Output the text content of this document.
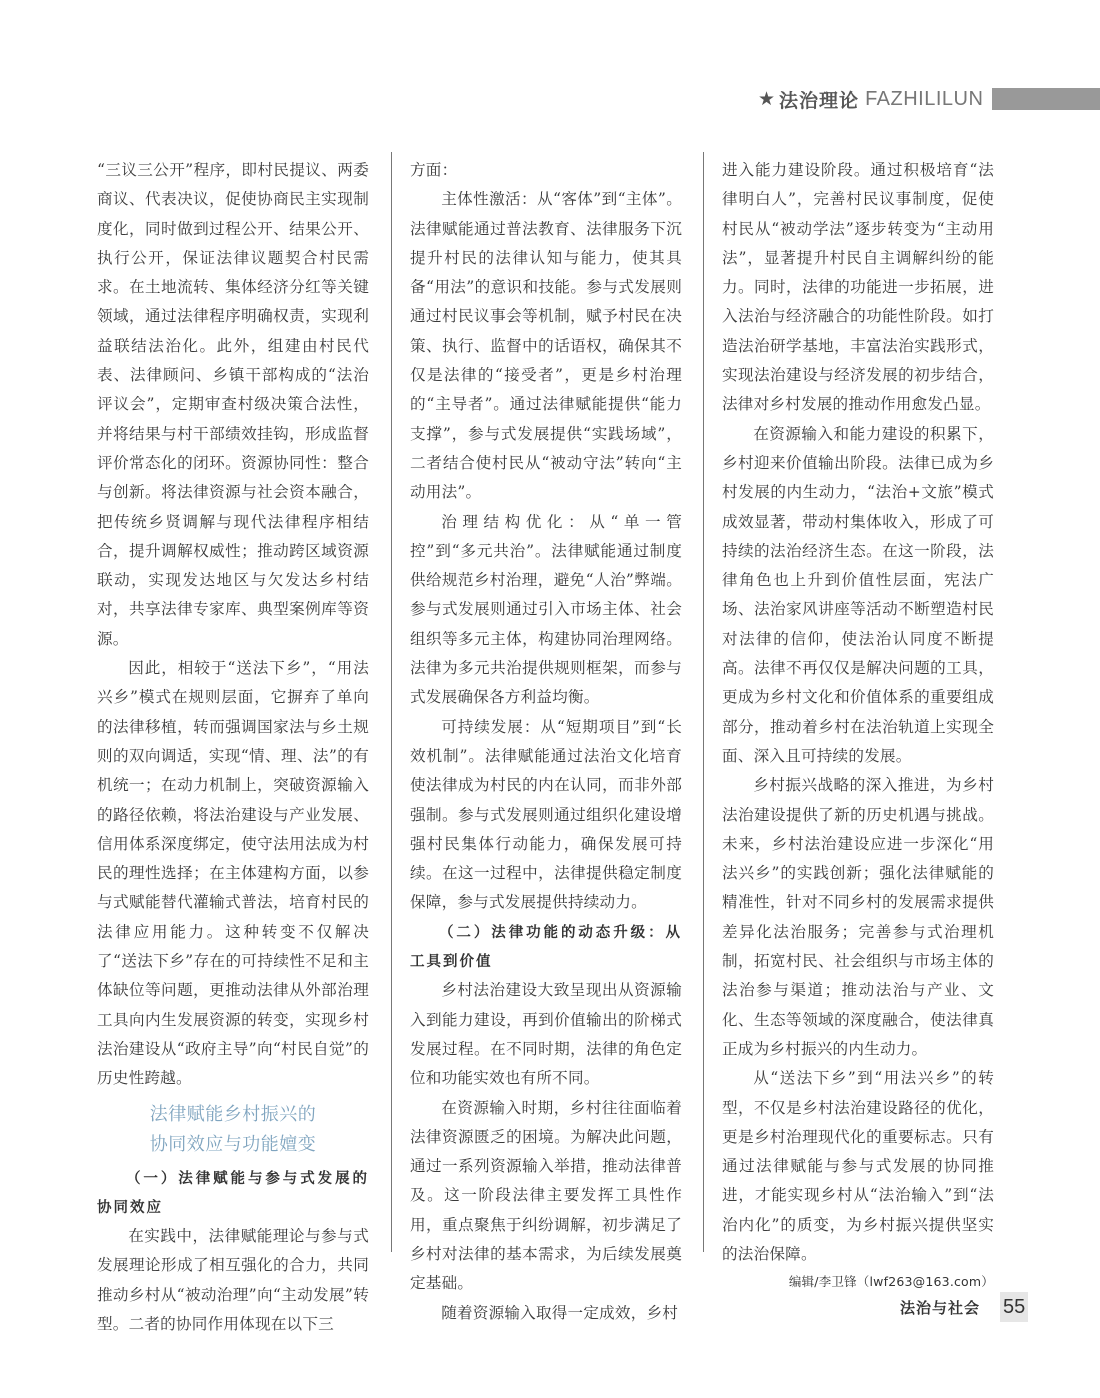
★ 法治理论 FAZHILILUN

“三议三公开”程序，即村民提议、两委商议、代表决议，促使协商民主实现制度化，同时做到过程公开、结果公开、执行公开，保证法律议题契合村民需求。在土地流转、集体经济分红等关键领域，通过法律程序明确权责，实现利益联结法治化。此外，组建由村民代表、法律顾问、乡镇干部构成的“法治评议会”，定期审查村级决策合法性，并将结果与村干部绩效挂钩，形成监督评价常态化的闭环。资源协同性：整合与创新。将法律资源与社会资本融合，把传统乡贤调解与现代法律程序相结合，提升调解权威性；推动跨区域资源联动，实现发达地区与欠发达乡村结对，共享法律专家库、典型案例库等资源。

因此，相较于“送法下乡”，“用法兴乡”模式在规则层面，它摒弃了单向的法律移植，转而强调国家法与乡土规则的双向调适，实现“情、理、法”的有机统一；在动力机制上，突破资源输入的路径依赖，将法治建设与产业发展、信用体系深度绑定，使守法用法成为村民的理性选择；在主体建构方面，以参与式赋能替代灌输式普法，培育村民的法律应用能力。这种转变不仅解决了“送法下乡”存在的可持续性不足和主体缺位等问题，更推动法律从外部治理工具向内生发展资源的转变，实现乡村法治建设从“政府主导”向“村民自觉”的历史性跨越。

法律赋能乡村振兴的
协同效应与功能嬗变
（一）法律赋能与参与式发展的协同效应

在实践中，法律赋能理论与参与式发展理论形成了相互强化的合力，共同推动乡村从“被动治理”向“主动发展”转型。二者的协同作用体现在以下三

方面：

主体性激活：从“客体”到“主体”。法律赋能通过普法教育、法律服务下沉提升村民的法律认知与能力，使其具备“用法”的意识和技能。参与式发展则通过村民议事会等机制，赋予村民在决策、执行、监督中的话语权，确保其不仅是法律的“接受者”，更是乡村治理的“主导者”。通过法律赋能提供“能力支撑”，参与式发展提供“实践场域”，二者结合使村民从“被动守法”转向“主动用法”。

治理结构优化：从“单一管控”到“多元共治”。法律赋能通过制度供给规范乡村治理，避免“人治”弊端。参与式发展则通过引入市场主体、社会组织等多元主体，构建协同治理网络。法律为多元共治提供规则框架，而参与式发展确保各方利益均衡。

可持续发展：从“短期项目”到“长效机制”。法律赋能通过法治文化培育使法律成为村民的内在认同，而非外部强制。参与式发展则通过组织化建设增强村民集体行动能力，确保发展可持续。在这一过程中，法律提供稳定制度保障，参与式发展提供持续动力。

（二）法律功能的动态升级：从工具到价值

乡村法治建设大致呈现出从资源输入到能力建设，再到价值输出的阶梯式发展过程。在不同时期，法律的角色定位和功能实效也有所不同。

在资源输入时期，乡村往往面临着法律资源匮乏的困境。为解决此问题，通过一系列资源输入举措，推动法律普及。这一阶段法律主要发挥工具性作用，重点聚焦于纠纷调解，初步满足了乡村对法律的基本需求，为后续发展奠定基础。

随着资源输入取得一定成效，乡村

进入能力建设阶段。通过积极培育“法律明白人”，完善村民议事制度，促使村民从“被动学法”逐步转变为“主动用法”，显著提升村民自主调解纠纷的能力。同时，法律的功能进一步拓展，进入法治与经济融合的功能性阶段。如打造法治研学基地，丰富法治实践形式，实现法治建设与经济发展的初步结合，法律对乡村发展的推动作用愈发凸显。

在资源输入和能力建设的积累下，乡村迎来价值输出阶段。法律已成为乡村发展的内生动力，“法治+文旅”模式成效显著，带动村集体收入，形成了可持续的法治经济生态。在这一阶段，法律角色也上升到价值性层面，宪法广场、法治家风讲座等活动不断塑造村民对法律的信仰，使法治认同度不断提高。法律不再仅仅是解决问题的工具，更成为乡村文化和价值体系的重要组成部分，推动着乡村在法治轨道上实现全面、深入且可持续的发展。

乡村振兴战略的深入推进，为乡村法治建设提供了新的历史机遇与挑战。未来，乡村法治建设应进一步深化“用法兴乡”的实践创新；强化法律赋能的精准性，针对不同乡村的发展需求提供差异化法治服务；完善参与式治理机制，拓宽村民、社会组织与市场主体的法治参与渠道；推动法治与产业、文化、生态等领域的深度融合，使法律真正成为乡村振兴的内生动力。

从“送法下乡”到“用法兴乡”的转型，不仅是乡村法治建设路径的优化，更是乡村治理现代化的重要标志。只有通过法律赋能与参与式发展的协同推进，才能实现乡村从“法治输入”到“法治内化”的质变，为乡村振兴提供坚实的法治保障。

编辑/李卫锋（lwf263@163.com）
法治与社会 55
